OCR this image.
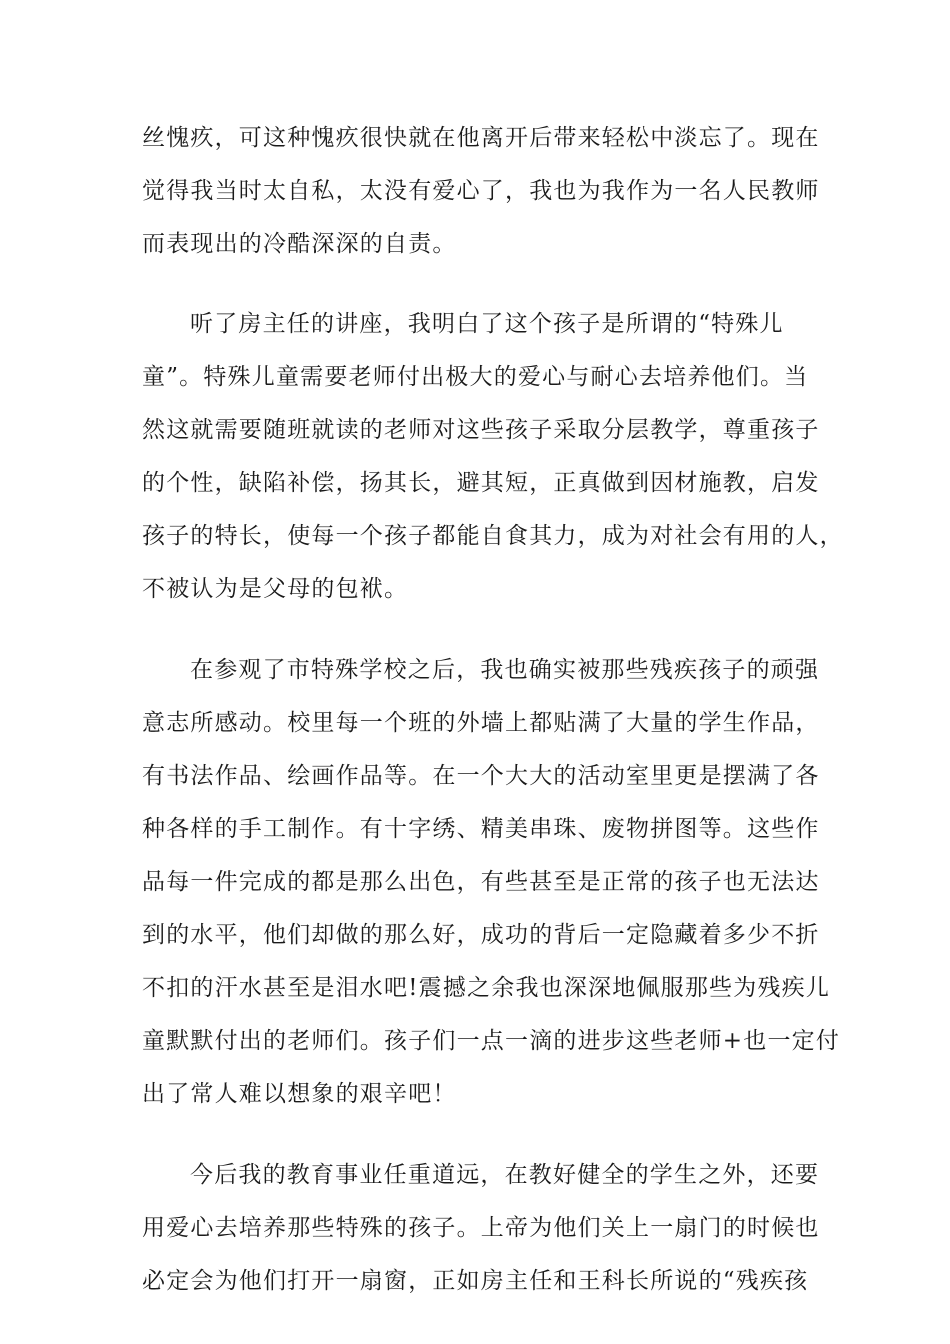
丝愧疚，可这种愧疚很快就在他离开后带来轻松中淡忘了。现在
觉得我当时太自私，太没有爱心了，我也为我作为一名人民教师
而表现出的冷酷深深的自责。
听了房主任的讲座，我明白了这个孩子是所谓的“特殊儿
童”。特殊儿童需要老师付出极大的爱心与耐心去培养他们。当
然这就需要随班就读的老师对这些孩子采取分层教学，尊重孩子
的个性，缺陷补偿，扬其长，避其短，正真做到因材施教，启发
孩子的特长，使每一个孩子都能自食其力，成为对社会有用的人，
不被认为是父母的包袱。
在参观了市特殊学校之后，我也确实被那些残疾孩子的顽强
意志所感动。校里每一个班的外墙上都贴满了大量的学生作品，
有书法作品、绘画作品等。在一个大大的活动室里更是摆满了各
种各样的手工制作。有十字绣、精美串珠、废物拼图等。这些作
品每一件完成的都是那么出色，有些甚至是正常的孩子也无法达
到的水平，他们却做的那么好，成功的背后一定隐藏着多少不折
不扣的汗水甚至是泪水吧!震撼之余我也深深地佩服那些为残疾儿
童默默付出的老师们。孩子们一点一滴的进步这些老师+也一定付
出了常人难以想象的艰辛吧！
今后我的教育事业任重道远，在教好健全的学生之外，还要
用爱心去培养那些特殊的孩子。上帝为他们关上一扇门的时候也
必定会为他们打开一扇窗，正如房主任和王科长所说的“残疾孩
